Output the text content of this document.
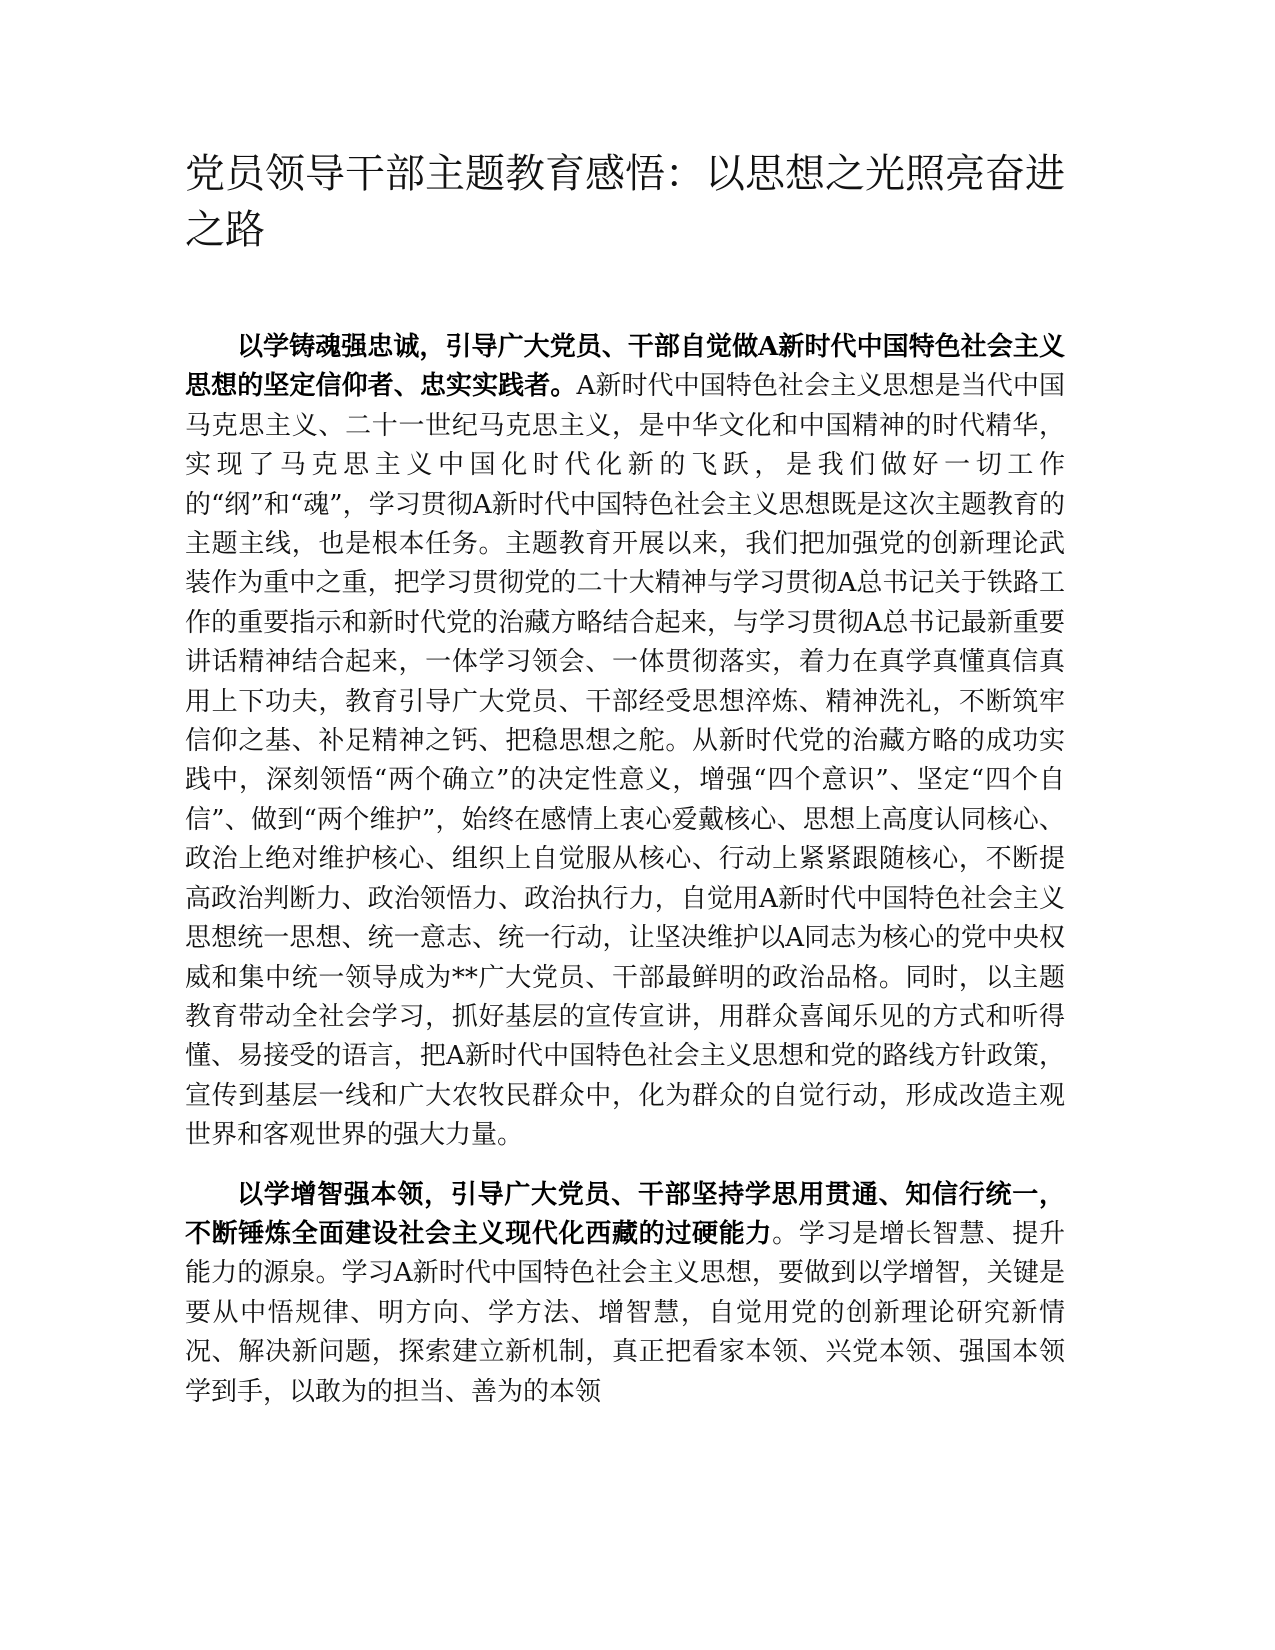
党员领导干部主题教育感悟：以思想之光照亮奋进之路

以学铸魂强忠诚，引导广大党员、干部自觉做A新时代中国特色社会主义思想的坚定信仰者、忠实实践者。A新时代中国特色社会主义思想是当代中国马克思主义、二十一世纪马克思主义，是中华文化和中国精神的时代精华，实现了马克思主义中国化时代化新的飞跃，是我们做好一切工作的“纲”和“魂”，学习贯彻A新时代中国特色社会主义思想既是这次主题教育的主题主线，也是根本任务。主题教育开展以来，我们把加强党的创新理论武装作为重中之重，把学习贯彻党的二十大精神与学习贯彻A总书记关于铁路工作的重要指示和新时代党的治藏方略结合起来，与学习贯彻A总书记最新重要讲话精神结合起来，一体学习领会、一体贯彻落实，着力在真学真懂真信真用上下功夫，教育引导广大党员、干部经受思想淬炼、精神洗礼，不断筑牢信仰之基、补足精神之钙、把稳思想之舵。从新时代党的治藏方略的成功实践中，深刻领悟“两个确立”的决定性意义，增强“四个意识”、坚定“四个自信”、做到“两个维护”，始终在感情上衷心爱戴核心、思想上高度认同核心、政治上绝对维护核心、组织上自觉服从核心、行动上紧紧跟随核心，不断提高政治判断力、政治领悟力、政治执行力，自觉用A新时代中国特色社会主义思想统一思想、统一意志、统一行动，让坚决维护以A同志为核心的党中央权威和集中统一领导成为**广大党员、干部最鲜明的政治品格。同时，以主题教育带动全社会学习，抓好基层的宣传宣讲，用群众喜闻乐见的方式和听得懂、易接受的语言，把A新时代中国特色社会主义思想和党的路线方针政策，宣传到基层一线和广大农牧民群众中，化为群众的自觉行动，形成改造主观世界和客观世界的强大力量。

以学增智强本领，引导广大党员、干部坚持学思用贯通、知信行统一，不断锤炼全面建设社会主义现代化西藏的过硬能力。学习是增长智慧、提升能力的源泉。学习A新时代中国特色社会主义思想，要做到以学增智，关键是要从中悟规律、明方向、学方法、增智慧，自觉用党的创新理论研究新情况、解决新问题，探索建立新机制，真正把看家本领、兴党本领、强国本领学到手，以敢为的担当、善为的本领
